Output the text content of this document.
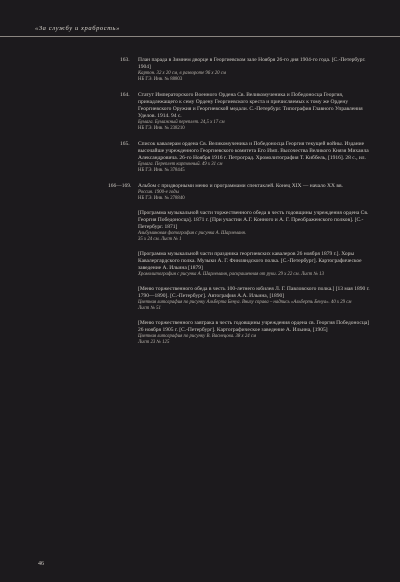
«За службу и храбрость»
163. План парада в Зимнем дворце в Георгиевском зале Ноября 26-го дня 1904-го года. [С.-Петербург. 1904]
Картон. 32 х 20 см, в развороте 96 х 20 см
НБ ГЭ. Инв. № 88803
164. Статут Императорского Военного Ордена Св. Великомученика и Победоносца Георгия, принадлежащего к сему Ордену Георгиевского креста и причисляемых к тому же Ордену Георгиевского Оружия и Георгиевской медали. С.-Петербург. Типография Главного Управления Уделов. 1914. 94 с.
Бумага. Бумажный переплет. 24,5 х 17 см
НБ ГЭ. Инв. № 238210
165. Список кавалерам ордена Св. Великомученика и Победоносца Георгия текущей войны. Издание высочайше учрежденного Георгиевского комитета Его Имп. Высочества Великого Князя Михаила Александровича. 26-го Ноября 1916 г. Петроград. Хромолитография Т. Киббель, [1916]. 28 с., ил.
Бумага. Переплет картонный. 49 х 31 см
НБ ГЭ. Инв. № 378445
166—169. Альбом с придворными меню и программами спектаклей. Конец XIX — начало XX вв.
Россия. 1900-е годы
НБ ГЭ. Инв. № 278840
[Программа музыкальной части торжественного обеда в честь годовщины учреждения ордена Св. Георгия Победоносца]. 1871 г. [При участии А.Г. Конного и А. Г. Преображенского полков]. [С.-Петербург. 1871]
Альбуминовая фотография с рисунка А. Шарлеманя.
35 х 24 см. Лист № 1
[Программа музыкальной части праздника георгиевских кавалеров 26 ноября 1879 г.]. Хоры Кавалергардского полка. Музыки А. Г. Финляндского полка. [С.-Петербург]. Картографическое заведение А. Ильина [1879]
Хромолитография с рисунка А. Шарлеманя, раскрашенная от руки. 29 х 22 см. Лист № 13
[Меню торжественного обеда в честь 100-летнего юбилея Л. Г. Павловского полка.] [13 мая 1890 г. 1790—1890]. [С.-Петербург]. Автография А.А. Ильина, [1890]
Цветная литография по рисунку Альберта Бенуа. Внизу справа – надпись «Альберть Бенуа». 40 х 29 см
Лист № 51
[Меню торжественного завтрака в честь годовщины учреждения ордена св. Георгия Победоносца] 26 ноября 1905 г. [С.-Петербург]. Картографическое заведение А. Ильина, [1905]
Цветная литография по рисунку В. Васнецова. 38 х 24 см
Лист 23 № 125
46
